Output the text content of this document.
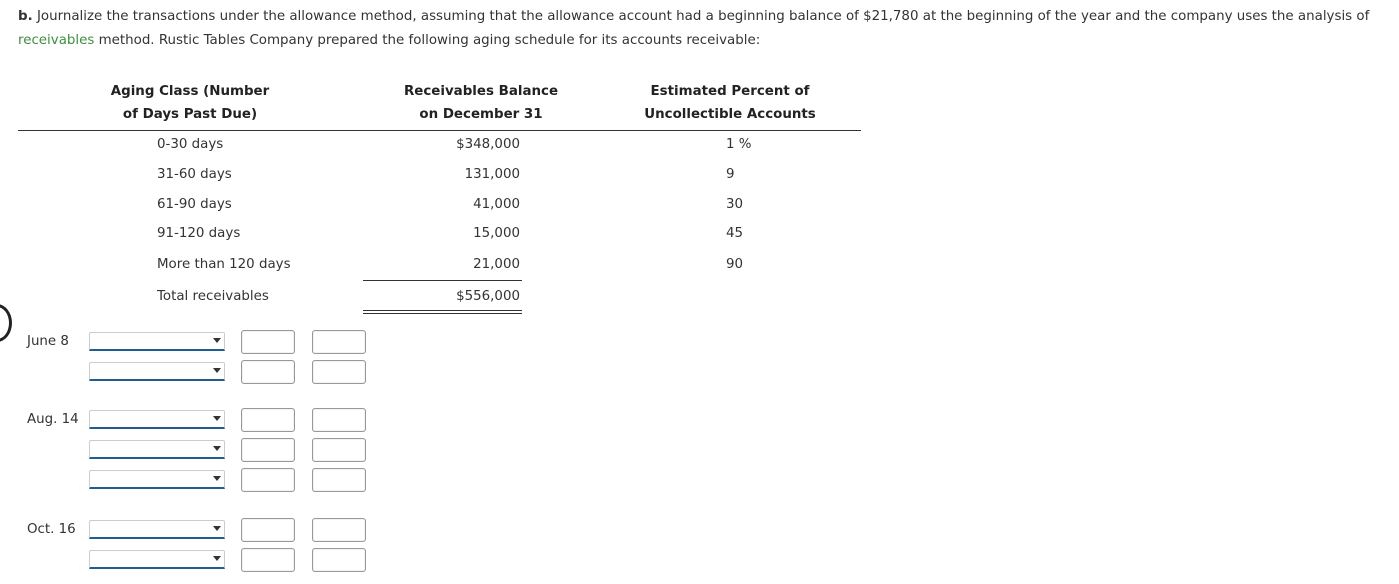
b. Journalize the transactions under the allowance method, assuming that the allowance account had a beginning balance of $21,780 at the beginning of the year and the company uses the analysis of
receivables method. Rustic Tables Company prepared the following aging schedule for its accounts receivable:
Aging Class (Number
of Days Past Due)
Receivables Balance
on December 31
Estimated Percent of
Uncollectible Accounts
0-30 days	$348,000	1 %
31-60 days	131,000	9
61-90 days	41,000	30
91-120 days	15,000	45
More than 120 days	21,000	90
Total receivables	$556,000
June 8
Aug. 14
Oct. 16
